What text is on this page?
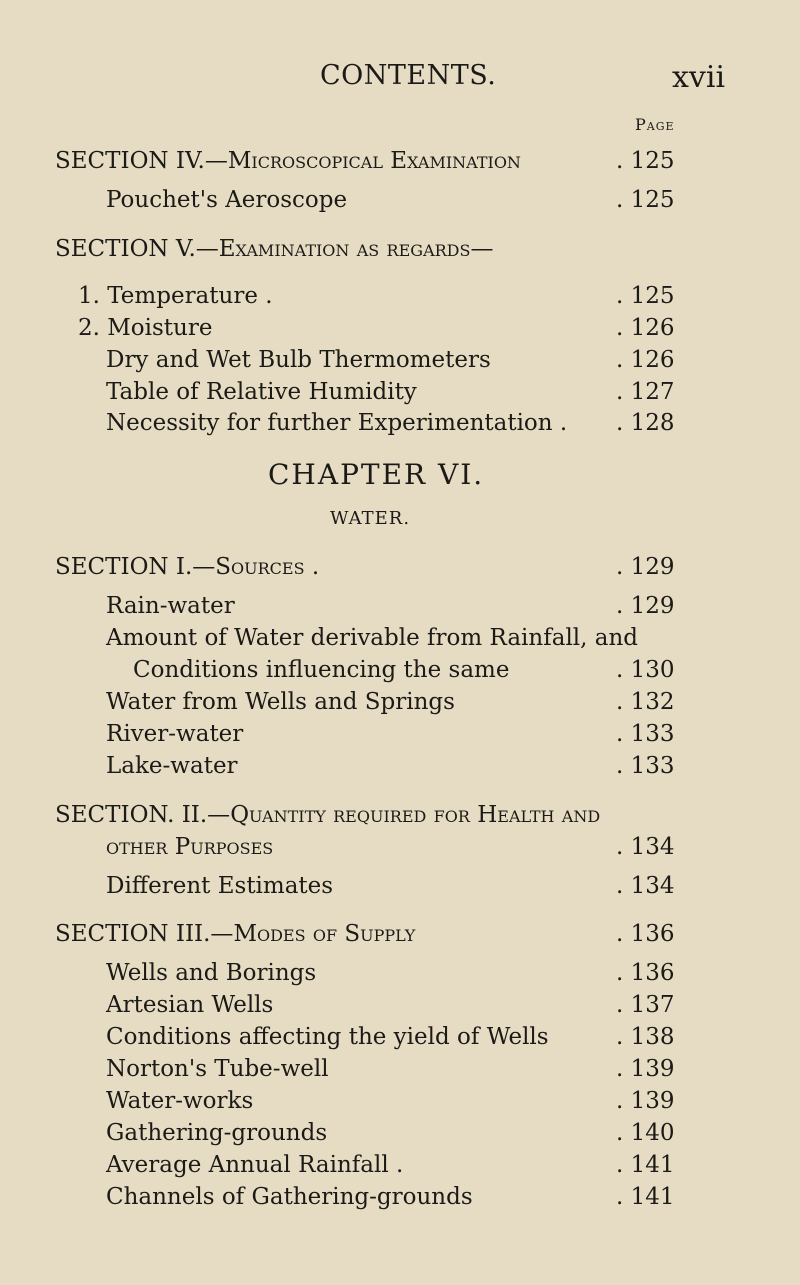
CONTENTS.	xvii
Page
SECTION IV.—Microscopical Examination	. 125
Pouchet's Aeroscope	. 125
SECTION V.—Examination as regards—
1. Temperature .	. 125
2. Moisture	. 126
Dry and Wet Bulb Thermometers	. 126
Table of Relative Humidity	. 127
Necessity for further Experimentation . . 128
CHAPTER VI.
WATER.
SECTION I.—Sources .	. 129
Rain-water	. 129
Amount of Water derivable from Rainfall, and
Conditions influencing the same	. 130
Water from Wells and Springs	. 132
River-water	. 133
Lake-water	. 133
SECTION. II.—Quantity required for Health and
other Purposes	. 134
Different Estimates	. 134
SECTION III.—Modes of Supply	. 136
Wells and Borings	. 136
Artesian Wells	. 137
Conditions affecting the yield of Wells	. 138
Norton's Tube-well	. 139
Water-works	. 139
Gathering-grounds	. 140
Average Annual Rainfall .	. 141
Channels of Gathering-grounds	. 141
